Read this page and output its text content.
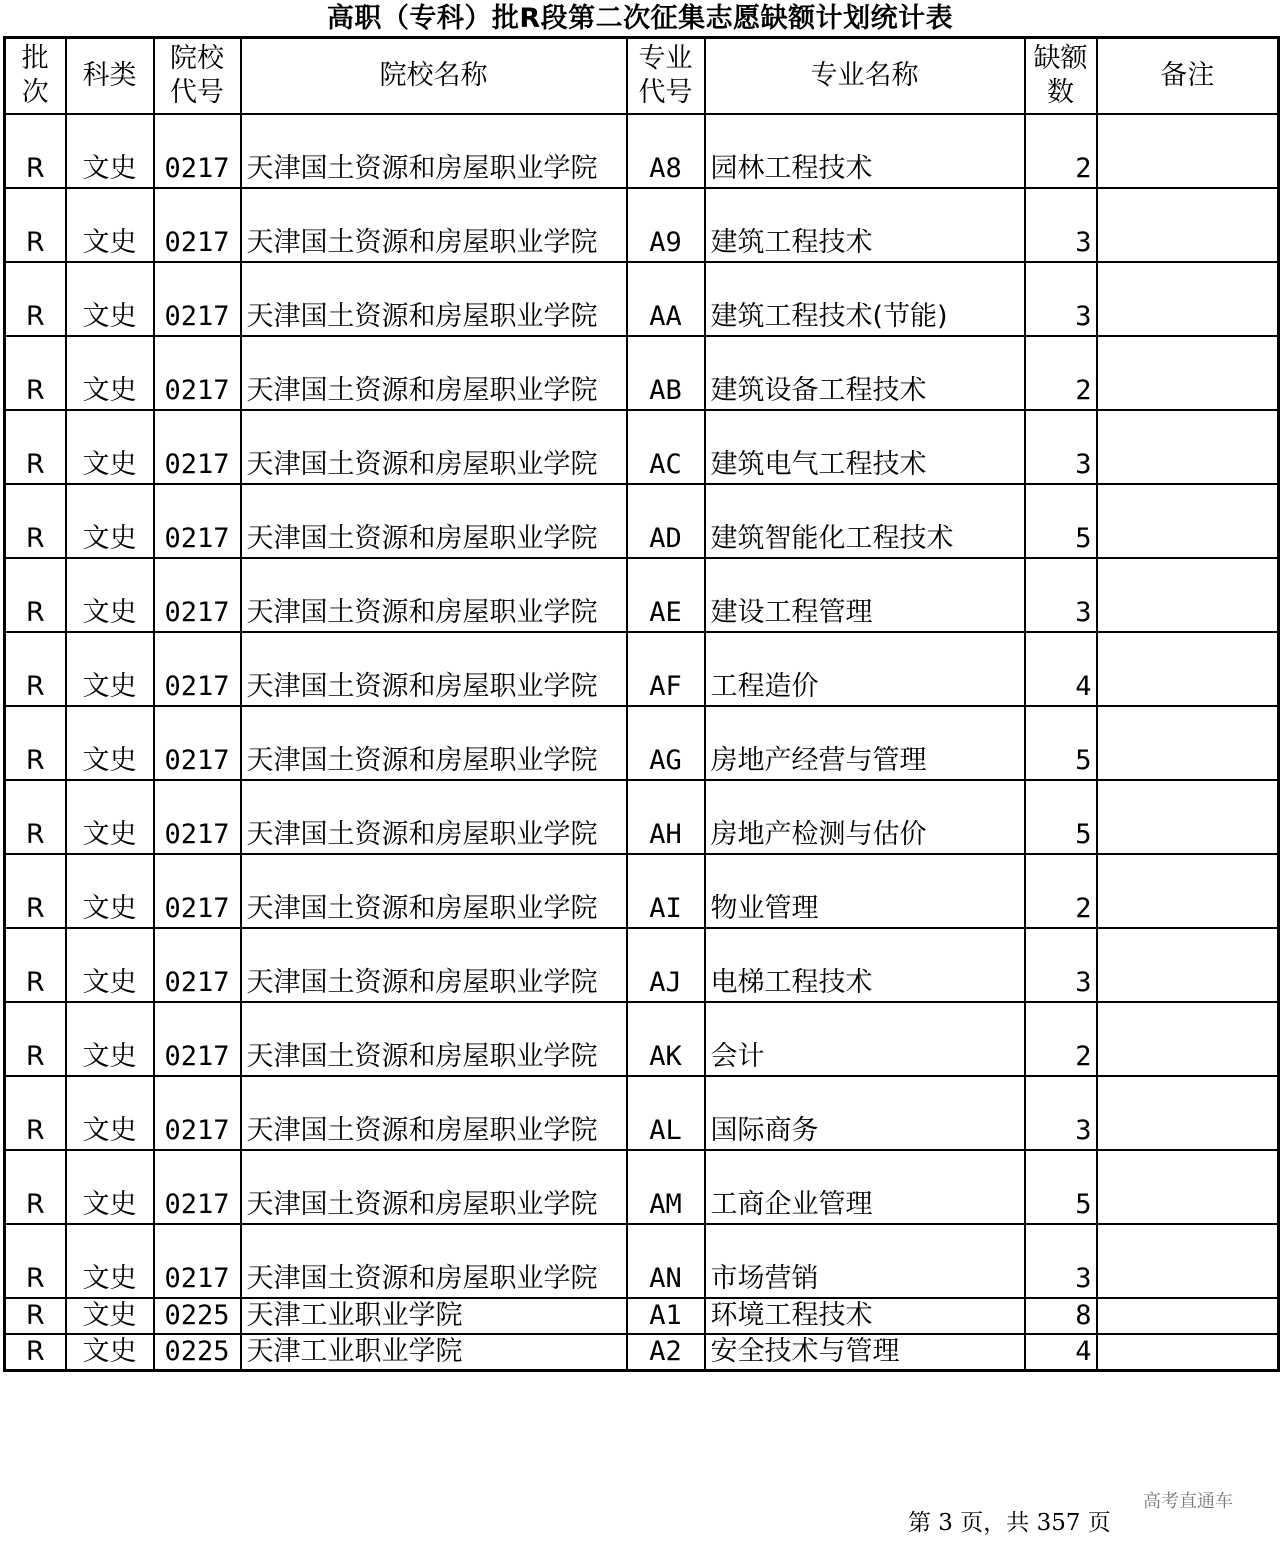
高职（专科）批R段第二次征集志愿缺额计划统计表
批次	科类	院校代号	院校名称	专业代号	专业名称	缺额数	备注
R	文史	0217	天津国土资源和房屋职业学院	A8	园林工程技术	2	
R	文史	0217	天津国土资源和房屋职业学院	A9	建筑工程技术	3	
R	文史	0217	天津国土资源和房屋职业学院	AA	建筑工程技术(节能)	3	
R	文史	0217	天津国土资源和房屋职业学院	AB	建筑设备工程技术	2	
R	文史	0217	天津国土资源和房屋职业学院	AC	建筑电气工程技术	3	
R	文史	0217	天津国土资源和房屋职业学院	AD	建筑智能化工程技术	5	
R	文史	0217	天津国土资源和房屋职业学院	AE	建设工程管理	3	
R	文史	0217	天津国土资源和房屋职业学院	AF	工程造价	4	
R	文史	0217	天津国土资源和房屋职业学院	AG	房地产经营与管理	5	
R	文史	0217	天津国土资源和房屋职业学院	AH	房地产检测与估价	5	
R	文史	0217	天津国土资源和房屋职业学院	AI	物业管理	2	
R	文史	0217	天津国土资源和房屋职业学院	AJ	电梯工程技术	3	
R	文史	0217	天津国土资源和房屋职业学院	AK	会计	2	
R	文史	0217	天津国土资源和房屋职业学院	AL	国际商务	3	
R	文史	0217	天津国土资源和房屋职业学院	AM	工商企业管理	5	
R	文史	0217	天津国土资源和房屋职业学院	AN	市场营销	3	
R	文史	0225	天津工业职业学院	A1	环境工程技术	8	
R	文史	0225	天津工业职业学院	A2	安全技术与管理	4	
第 3 页，共 357 页
高考直通车
